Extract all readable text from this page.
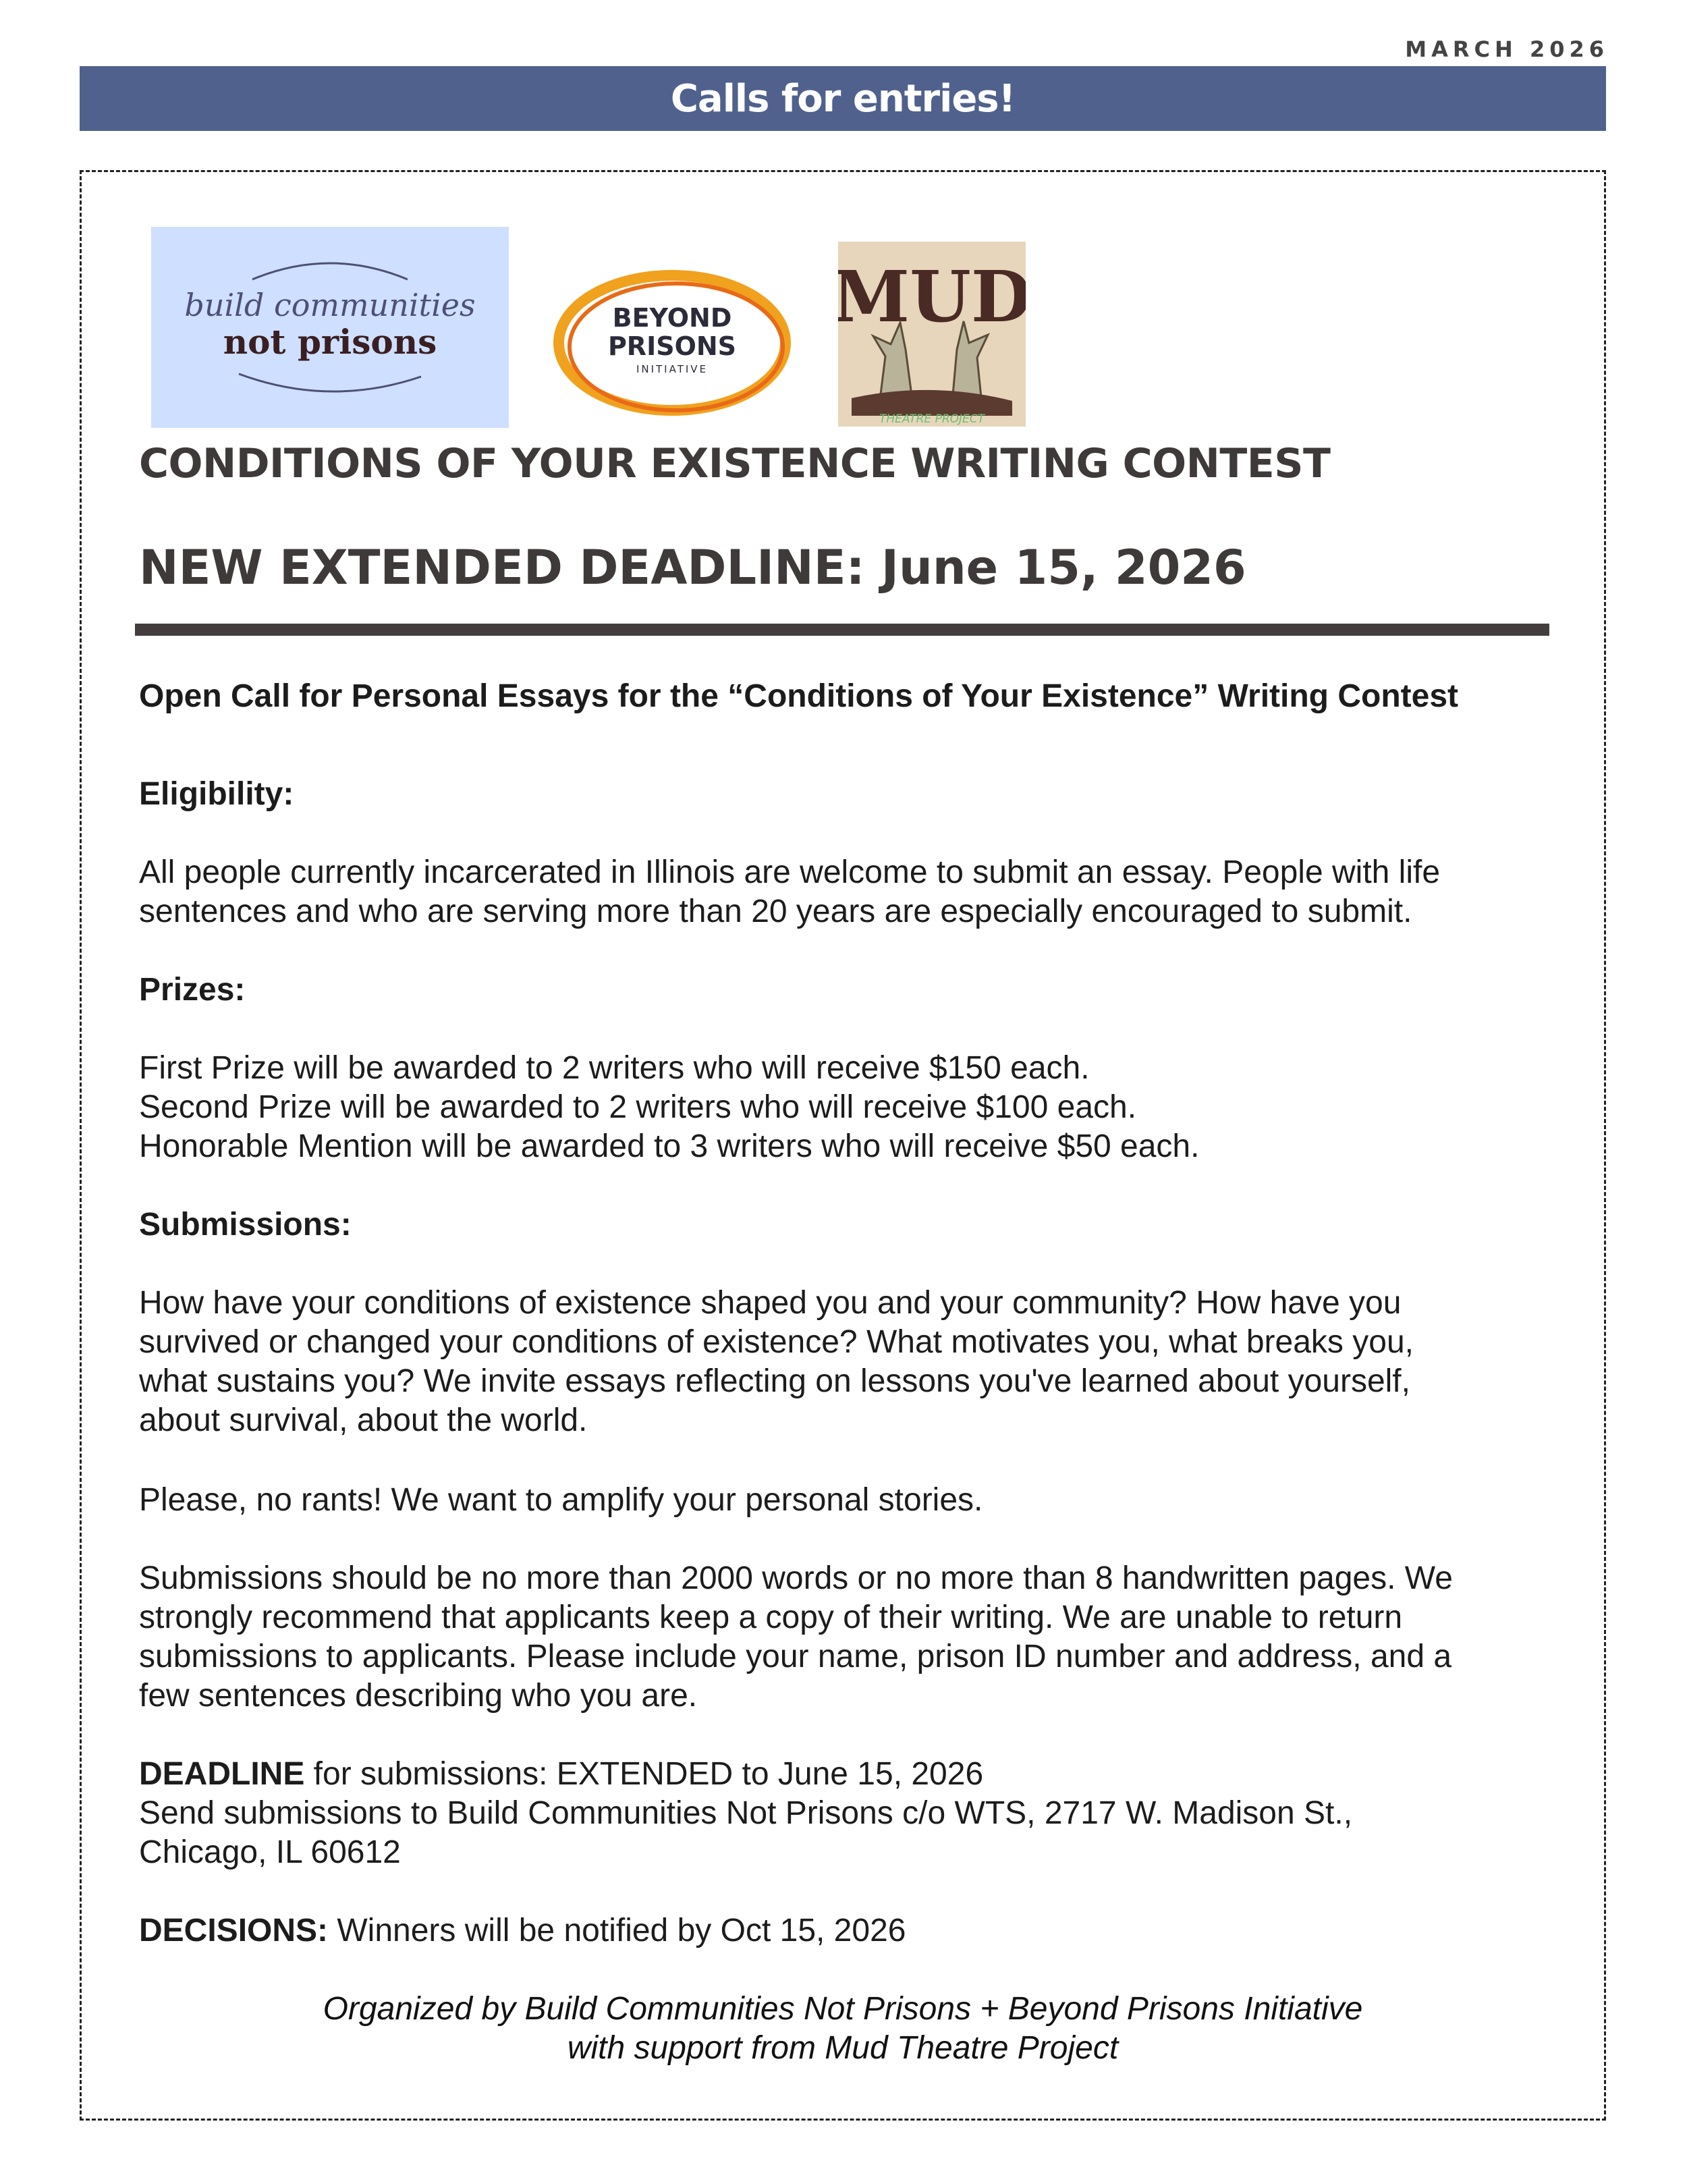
MARCH 2026
Calls for entries!
build communities
not prisons
BEYOND
PRISONS
INITIATIVE
MUD
THEATRE PROJECT
CONDITIONS OF YOUR EXISTENCE WRITING CONTEST
NEW EXTENDED DEADLINE: June 15, 2026

Open Call for Personal Essays for the “Conditions of Your Existence” Writing Contest

Eligibility:

All people currently incarcerated in Illinois are welcome to submit an essay. People with life
sentences and who are serving more than 20 years are especially encouraged to submit.

Prizes:

First Prize will be awarded to 2 writers who will receive $150 each.
Second Prize will be awarded to 2 writers who will receive $100 each.
Honorable Mention will be awarded to 3 writers who will receive $50 each.

Submissions:

How have your conditions of existence shaped you and your community? How have you
survived or changed your conditions of existence? What motivates you, what breaks you,
what sustains you? We invite essays reflecting on lessons you've learned about yourself,
about survival, about the world.

Please, no rants! We want to amplify your personal stories.

Submissions should be no more than 2000 words or no more than 8 handwritten pages. We
strongly recommend that applicants keep a copy of their writing. We are unable to return
submissions to applicants. Please include your name, prison ID number and address, and a
few sentences describing who you are.

DEADLINE for submissions: EXTENDED to June 15, 2026
Send submissions to Build Communities Not Prisons c/o WTS, 2717 W. Madison St.,
Chicago, IL 60612

DECISIONS: Winners will be notified by Oct 15, 2026

Organized by Build Communities Not Prisons + Beyond Prisons Initiative
with support from Mud Theatre Project
